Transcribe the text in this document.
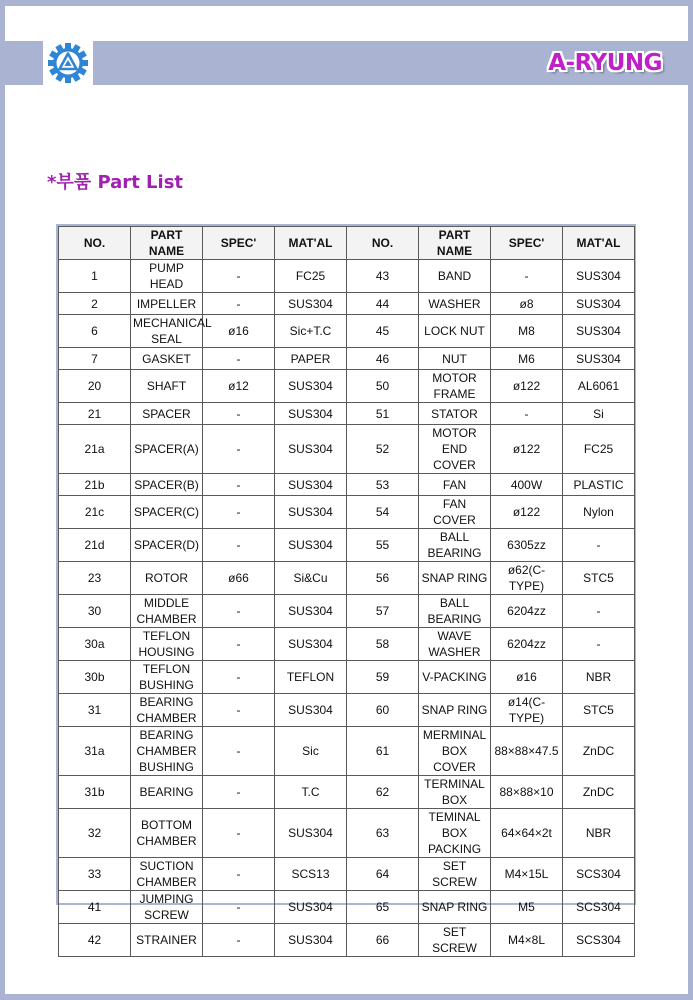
A-RYUNG
*부품 Part List
NO.	PART NAME	SPEC'	MAT'AL	NO.	PART NAME	SPEC'	MAT'AL
1	PUMP HEAD	-	FC25	43	BAND	-	SUS304
2	IMPELLER	-	SUS304	44	WASHER	ø8	SUS304
6	MECHANICAL SEAL	ø16	Sic+T.C	45	LOCK NUT	M8	SUS304
7	GASKET	-	PAPER	46	NUT	M6	SUS304
20	SHAFT	ø12	SUS304	50	MOTOR FRAME	ø122	AL6061
21	SPACER	-	SUS304	51	STATOR	-	Si
21a	SPACER(A)	-	SUS304	52	MOTOR END COVER	ø122	FC25
21b	SPACER(B)	-	SUS304	53	FAN	400W	PLASTIC
21c	SPACER(C)	-	SUS304	54	FAN COVER	ø122	Nylon
21d	SPACER(D)	-	SUS304	55	BALL BEARING	6305zz	-
23	ROTOR	ø66	Si&Cu	56	SNAP RING	ø62(C-TYPE)	STC5
30	MIDDLE CHAMBER	-	SUS304	57	BALL BEARING	6204zz	-
30a	TEFLON HOUSING	-	SUS304	58	WAVE WASHER	6204zz	-
30b	TEFLON BUSHING	-	TEFLON	59	V-PACKING	ø16	NBR
31	BEARING CHAMBER	-	SUS304	60	SNAP RING	ø14(C-TYPE)	STC5
31a	BEARING CHAMBER BUSHING	-	Sic	61	MERMINAL BOX COVER	88×88×47.5	ZnDC
31b	BEARING	-	T.C	62	TERMINAL BOX	88×88×10	ZnDC
32	BOTTOM CHAMBER	-	SUS304	63	TEMINAL BOX PACKING	64×64×2t	NBR
33	SUCTION CHAMBER	-	SCS13	64	SET SCREW	M4×15L	SCS304
41	JUMPING SCREW	-	SUS304	65	SNAP RING	M5	SCS304
42	STRAINER	-	SUS304	66	SET SCREW	M4×8L	SCS304
